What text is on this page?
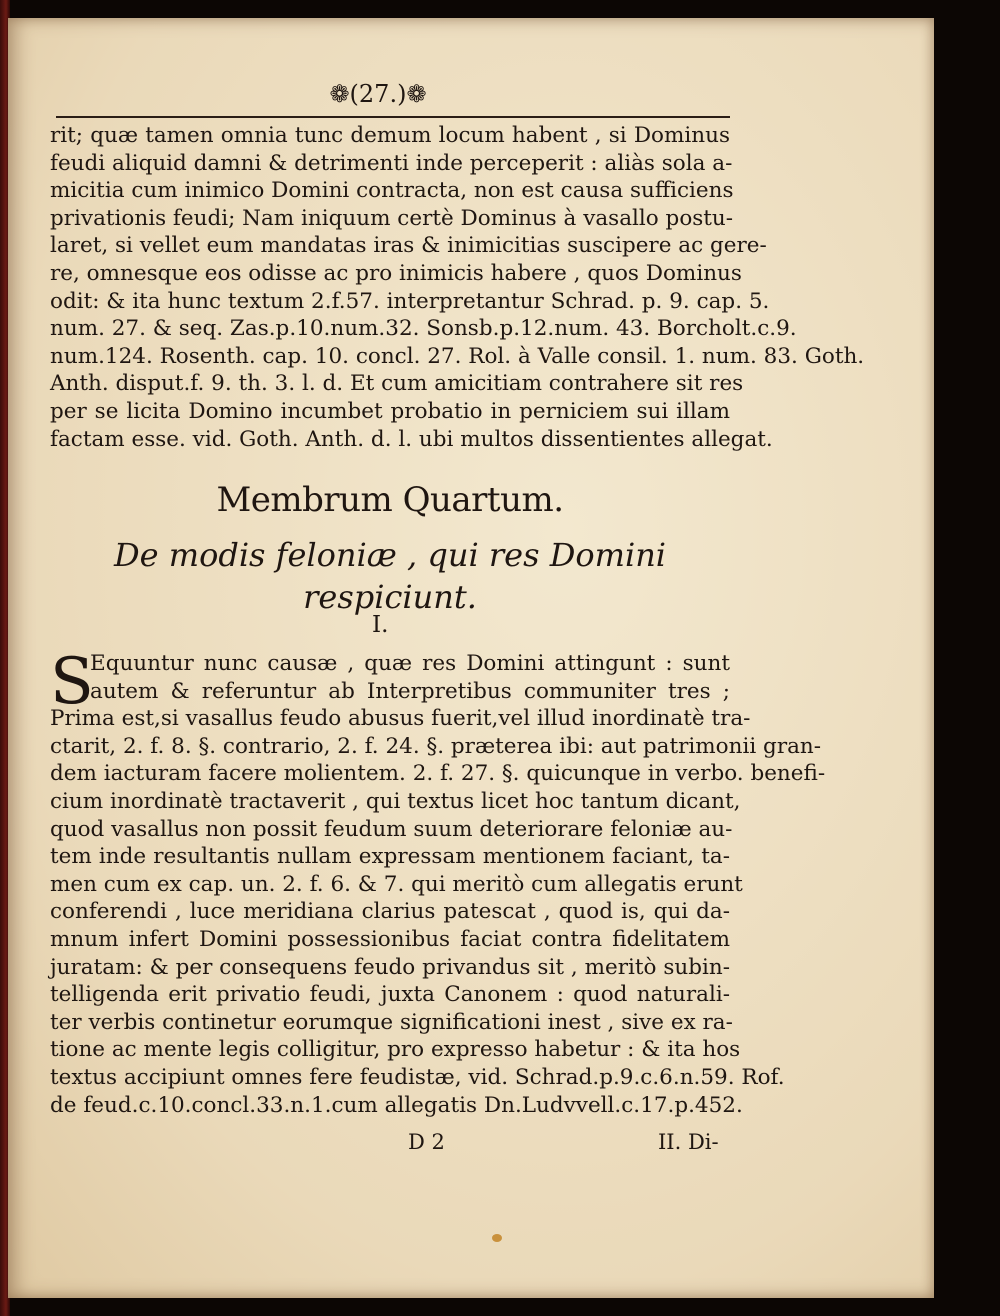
❁(27.)❁
rit; quæ tamen omnia tunc demum locum habent , si Dominus
feudi aliquid damni & detrimenti inde perceperit : aliàs sola a-
micitia cum inimico Domini contracta, non est causa sufficiens
privationis feudi; Nam iniquum certè Dominus à vasallo postu-
laret, si vellet eum mandatas iras & inimicitias suscipere ac gere-
re, omnesque eos odisse ac pro inimicis habere , quos Dominus
odit: & ita hunc textum 2.f.57. interpretantur Schrad. p. 9. cap. 5.
num. 27. & seq. Zas.p.10.num.32. Sonsb.p.12.num. 43. Borcholt.c.9.
num.124. Rosenth. cap. 10. concl. 27. Rol. à Valle consil. 1. num. 83. Goth.
Anth. disput.f. 9. th. 3. l. d. Et cum amicitiam contrahere sit res
per se licita Domino incumbet probatio in perniciem sui illam
factam esse. vid. Goth. Anth. d. l. ubi multos dissentientes allegat.
Membrum Quartum.
De modis feloniæ , qui res Domini
respiciunt.
I.
S
Equuntur nunc causæ , quæ res Domini attingunt : sunt
autem & referuntur ab Interpretibus communiter tres ;
Prima est,si vasallus feudo abusus fuerit,vel illud inordinatè tra-
ctarit, 2. f. 8. §. contrario, 2. f. 24. §. præterea ibi: aut patrimonii gran-
dem iacturam facere molientem. 2. f. 27. §. quicunque in verbo. benefi-
cium inordinatè tractaverit , qui textus licet hoc tantum dicant,
quod vasallus non possit feudum suum deteriorare feloniæ au-
tem inde resultantis nullam expressam mentionem faciant, ta-
men cum ex cap. un. 2. f. 6. & 7. qui meritò cum allegatis erunt
conferendi , luce meridiana clarius patescat , quod is, qui da-
mnum infert Domini possessionibus faciat contra fidelitatem
juratam: & per consequens feudo privandus sit , meritò subin-
telligenda erit privatio feudi, juxta Canonem : quod naturali-
ter verbis continetur eorumque significationi inest , sive ex ra-
tione ac mente legis colligitur, pro expresso habetur : & ita hos
textus accipiunt omnes fere feudistæ, vid. Schrad.p.9.c.6.n.59. Rof.
de feud.c.10.concl.33.n.1.cum allegatis Dn.Ludvvell.c.17.p.452.
D 2	II. Di-
